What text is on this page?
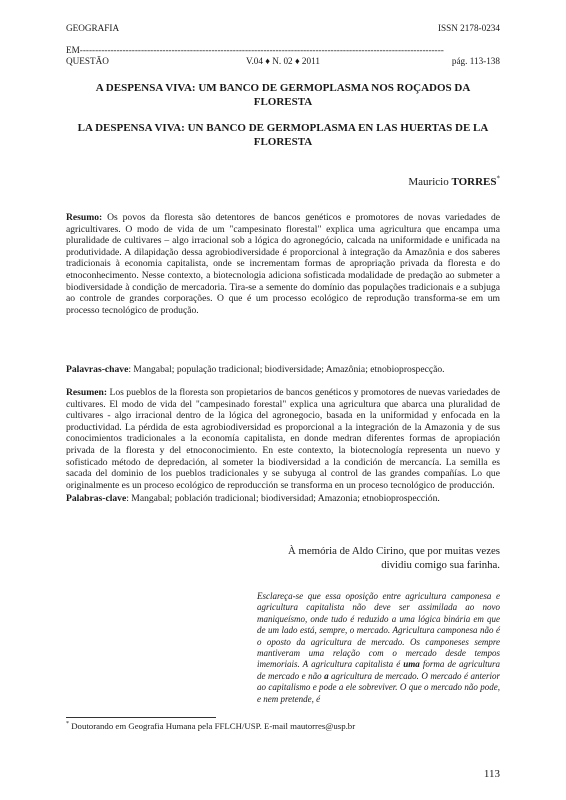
GEOGRAFIA	ISSN 2178-0234
EM-----------------------------------------------------------------------------------------------------------------------
QUESTÃO	V.04 ♦ N. 02 ♦ 2011	pág. 113-138
A DESPENSA VIVA: UM BANCO DE GERMOPLASMA NOS ROÇADOS DA FLORESTA
LA DESPENSA VIVA: UN BANCO DE GERMOPLASMA EN LAS HUERTAS DE LA FLORESTA
Mauricio TORRES*
Resumo: Os povos da floresta são detentores de bancos genéticos e promotores de novas variedades de agricultivares. O modo de vida de um "campesinato florestal" explica uma agricultura que encampa uma pluralidade de cultivares – algo irracional sob a lógica do agronegócio, calcada na uniformidade e unificada na produtividade. A dilapidação dessa agrobiodiversidade é proporcional à integração da Amazônia e dos saberes tradicionais à economia capitalista, onde se incrementam formas de apropriação privada da floresta e do etnoconhecimento. Nesse contexto, a biotecnologia adiciona sofisticada modalidade de predação ao submeter a biodiversidade à condição de mercadoria. Tira-se a semente do domínio das populações tradicionais e a subjuga ao controle de grandes corporações. O que é um processo ecológico de reprodução transforma-se em um processo tecnológico de produção.
Palavras-chave: Mangabal; população tradicional; biodiversidade; Amazônia; etnobioprospecção.
Resumen: Los pueblos de la floresta son propietarios de bancos genéticos y promotores de nuevas variedades de cultivares. El modo de vida del "campesinado forestal" explica una agricultura que abarca una pluralidad de cultivares - algo irracional dentro de la lógica del agronegocio, basada en la uniformidad y enfocada en la productividad. La pérdida de esta agrobiodiversidad es proporcional a la integración de la Amazonia y de sus conocimientos tradicionales a la economía capitalista, en donde medran diferentes formas de apropiación privada de la floresta y del etnoconocimiento. En este contexto, la biotecnología representa un nuevo y sofisticado método de depredación, al someter la biodiversidad a la condición de mercancía. La semilla es sacada del dominio de los pueblos tradicionales y se subyuga al control de las grandes compañías. Lo que originalmente es un proceso ecológico de reproducción se transforma en un proceso tecnológico de producción.
Palabras-clave: Mangabal; población tradicional; biodiversidad; Amazonia; etnobioprospección.
À memória de Aldo Cirino, que por muitas vezes
dividiu comigo sua farinha.
Esclareça-se que essa oposição entre agricultura camponesa e agricultura capitalista não deve ser assimilada ao novo maniqueísmo, onde tudo é reduzido a uma lógica binária em que de um lado está, sempre, o mercado. Agricultura camponesa não é o oposto da agricultura de mercado. Os camponeses sempre mantiveram uma relação com o mercado desde tempos imemoriais. A agricultura capitalista é uma forma de agricultura de mercado e não a agricultura de mercado. O mercado é anterior ao capitalismo e pode a ele sobreviver. O que o mercado não pode, e nem pretende, é
* Doutorando em Geografia Humana pela FFLCH/USP. E-mail mautorres@usp.br
113
